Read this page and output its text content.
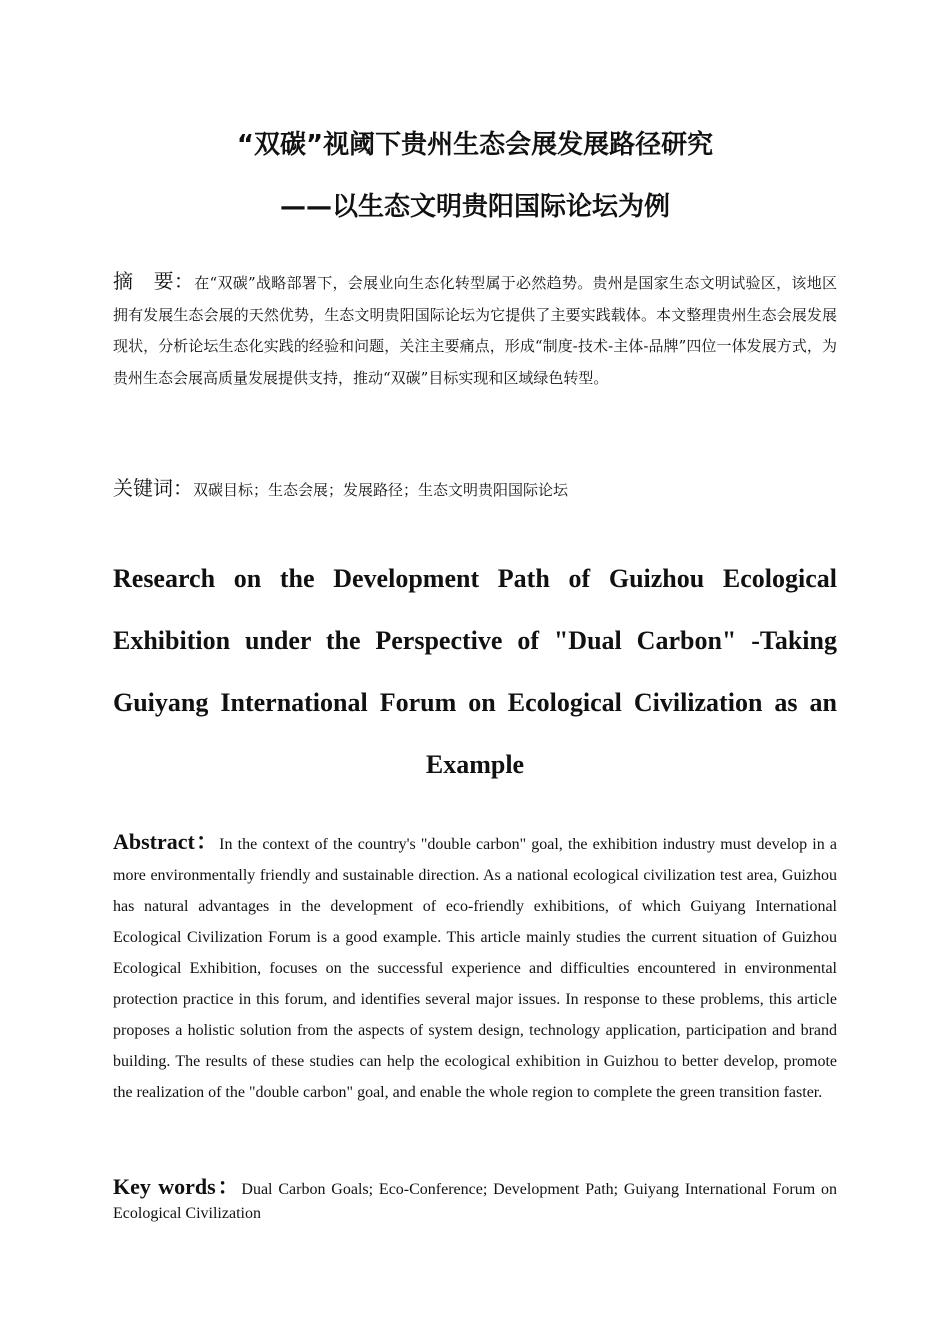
“双碳”视阈下贵州生态会展发展路径研究
——以生态文明贵阳国际论坛为例

摘　要：在“双碳”战略部署下，会展业向生态化转型属于必然趋势。贵州是国家生态文明试验区，该地区拥有发展生态会展的天然优势，生态文明贵阳国际论坛为它提供了主要实践载体。本文整理贵州生态会展发展现状，分析论坛生态化实践的经验和问题，关注主要痛点，形成“制度-技术-主体-品牌”四位一体发展方式，为贵州生态会展高质量发展提供支持，推动“双碳”目标实现和区域绿色转型。

关键词：双碳目标；生态会展；发展路径；生态文明贵阳国际论坛

Research on the Development Path of Guizhou Ecological Exhibition under the Perspective of "Dual Carbon" -Taking Guiyang International Forum on Ecological Civilization as an Example

Abstract：In the context of the country's "double carbon" goal, the exhibition industry must develop in a more environmentally friendly and sustainable direction. As a national ecological civilization test area, Guizhou has natural advantages in the development of eco-friendly exhibitions, of which Guiyang International Ecological Civilization Forum is a good example. This article mainly studies the current situation of Guizhou Ecological Exhibition, focuses on the successful experience and difficulties encountered in environmental protection practice in this forum, and identifies several major issues. In response to these problems, this article proposes a holistic solution from the aspects of system design, technology application, participation and brand building. The results of these studies can help the ecological exhibition in Guizhou to better develop, promote the realization of the "double carbon" goal, and enable the whole region to complete the green transition faster.

Key words：Dual Carbon Goals; Eco-Conference; Development Path; Guiyang International Forum on Ecological Civilization
